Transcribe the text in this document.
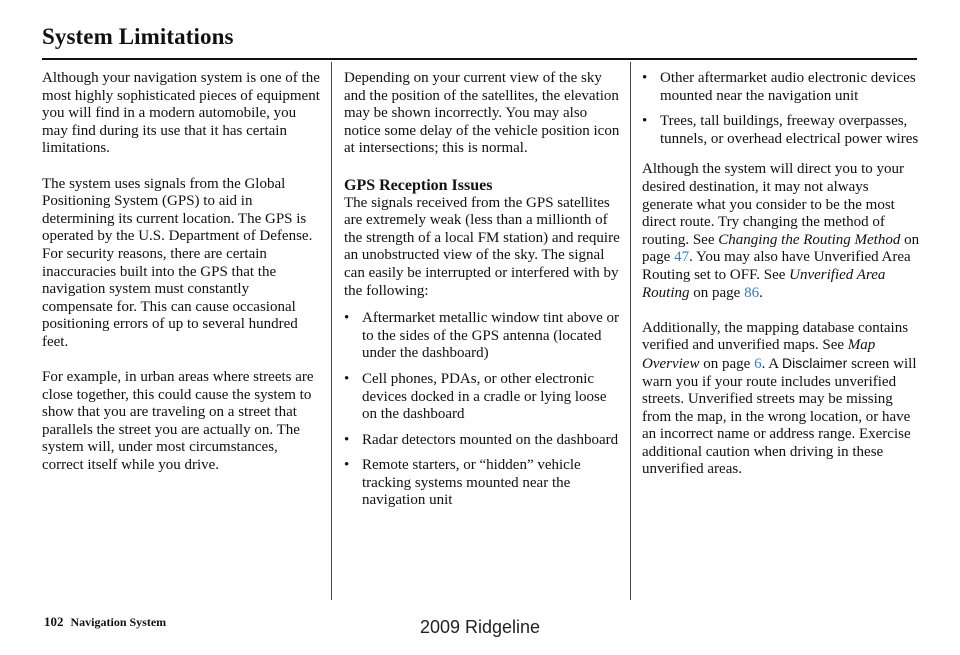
System Limitations

Although your navigation system is one of the most highly sophisticated pieces of equipment you will find in a modern automobile, you may find during its use that it has certain limitations.

The system uses signals from the Global Positioning System (GPS) to aid in determining its current location. The GPS is operated by the U.S. Department of Defense. For security reasons, there are certain inaccuracies built into the GPS that the navigation system must constantly compensate for. This can cause occasional positioning errors of up to several hundred feet.

For example, in urban areas where streets are close together, this could cause the system to show that you are traveling on a street that parallels the street you are actually on. The system will, under most circumstances, correct itself while you drive.

Depending on your current view of the sky and the position of the satellites, the elevation may be shown incorrectly. You may also notice some delay of the vehicle position icon at intersections; this is normal.

GPS Reception Issues

The signals received from the GPS satellites are extremely weak (less than a millionth of the strength of a local FM station) and require an unobstructed view of the sky. The signal can easily be interrupted or interfered with by the following:

• Aftermarket metallic window tint above or to the sides of the GPS antenna (located under the dashboard)
• Cell phones, PDAs, or other electronic devices docked in a cradle or lying loose on the dashboard
• Radar detectors mounted on the dashboard
• Remote starters, or “hidden” vehicle tracking systems mounted near the navigation unit
• Other aftermarket audio electronic devices mounted near the navigation unit
• Trees, tall buildings, freeway overpasses, tunnels, or overhead electrical power wires

Although the system will direct you to your desired destination, it may not always generate what you consider to be the most direct route. Try changing the method of routing. See Changing the Routing Method on page 47. You may also have Unverified Area Routing set to OFF. See Unverified Area Routing on page 86.

Additionally, the mapping database contains verified and unverified maps. See Map Overview on page 6. A Disclaimer screen will warn you if your route includes unverified streets. Unverified streets may be missing from the map, in the wrong location, or have an incorrect name or address range. Exercise additional caution when driving in these unverified areas.

102 Navigation System	2009 Ridgeline
